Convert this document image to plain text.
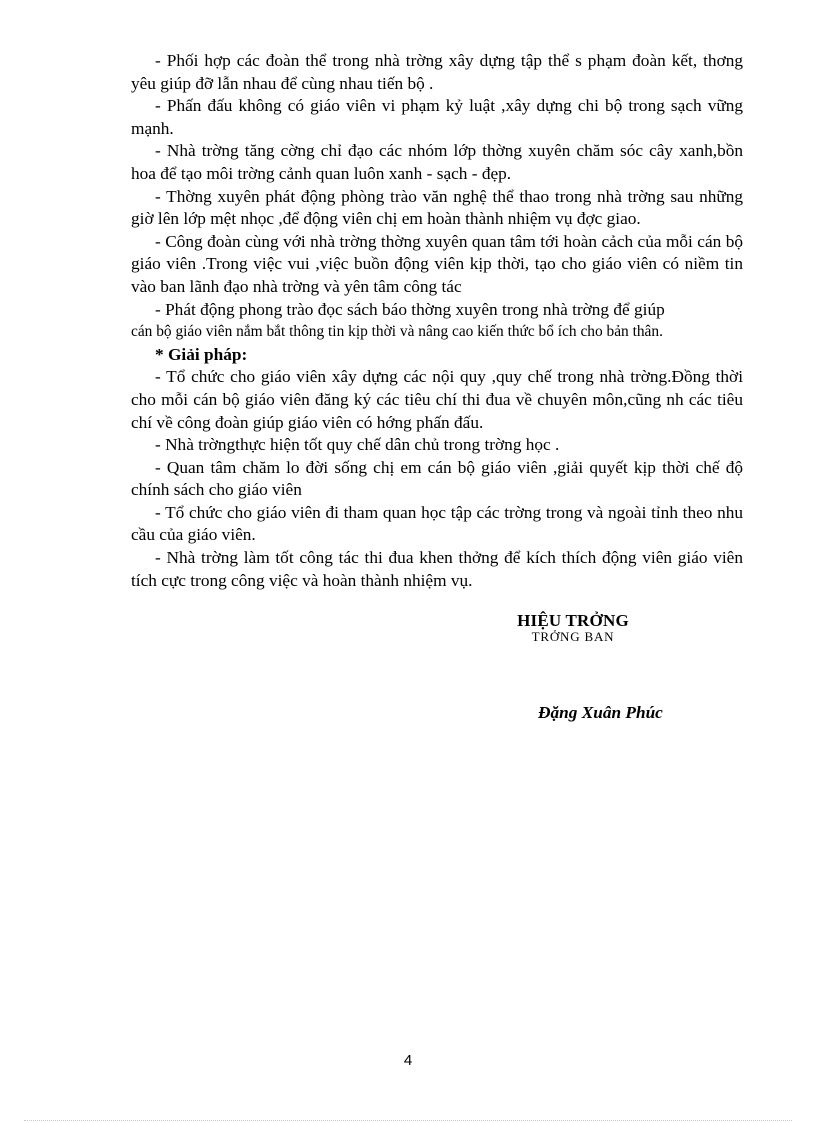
- Phối hợp các đoàn thể trong nhà trờng xây dựng tập thể s phạm đoàn kết, thơng yêu giúp đỡ lẫn nhau để cùng nhau tiến bộ .

- Phấn đấu không có giáo viên vi phạm kỷ luật ,xây dựng chi bộ trong sạch vững mạnh.

- Nhà trờng tăng cờng chỉ đạo các nhóm lớp thờng xuyên chăm sóc cây xanh,bồn hoa để tạo môi trờng cảnh quan luôn xanh - sạch - đẹp.

- Thờng xuyên phát động phòng trào văn nghệ thể thao trong nhà trờng sau những giờ lên lớp mệt nhọc ,để động viên chị em hoàn thành nhiệm vụ đợc giao.

- Công đoàn cùng với nhà trờng thờng xuyên quan tâm tới hoàn cảch của mỗi cán bộ giáo viên .Trong việc vui ,việc buồn động viên kịp thời, tạo cho giáo viên có niềm tin vào ban lãnh đạo nhà trờng và yên tâm công tác

- Phát động phong trào đọc sách báo thờng xuyên trong nhà trờng để giúp

cán bộ giáo viên nắm bắt thông tin kịp thời và nâng cao kiến thức bổ ích cho bản thân.

* Giải pháp:

- Tổ chức cho giáo viên xây dựng các nội quy ,quy chế trong nhà trờng.Đồng thời cho mỗi cán bộ giáo viên đăng ký các tiêu chí thi đua về chuyên môn,cũng nh các tiêu chí về công đoàn giúp giáo viên có hớng phấn đấu.

- Nhà trờngthực hiện tốt quy chế dân chủ trong trờng học .

- Quan tâm chăm lo đời sống chị em cán bộ giáo viên ,giải quyết kịp thời chế độ chính sách cho giáo viên

- Tổ chức cho giáo viên đi tham quan học tập các trờng trong và ngoài tỉnh theo nhu cầu của giáo viên.

- Nhà trờng làm tốt công tác thi đua khen thởng để kích thích động viên giáo viên tích cực trong công việc và hoàn thành nhiệm vụ.

HIỆU TRỞNG
TRỞNG BAN
Đặng Xuân Phúc
4
